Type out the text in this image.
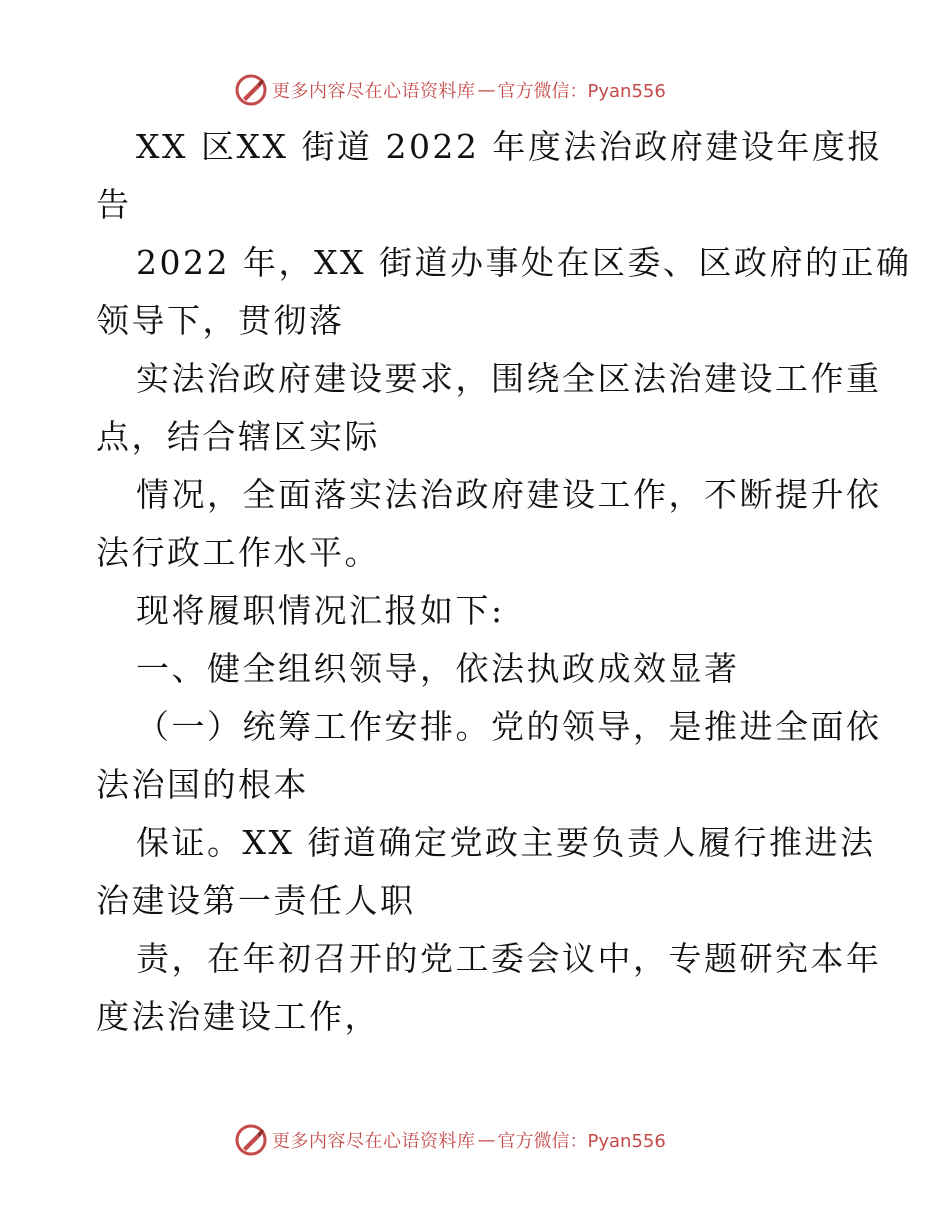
更多内容尽在心语资料库 — 官方微信：Pyan556
XX 区XX 街道 2022 年度法治政府建设年度报
告
2022 年，XX 街道办事处在区委、区政府的正确
领导下，贯彻落
实法治政府建设要求，围绕全区法治建设工作重
点，结合辖区实际
情况，全面落实法治政府建设工作，不断提升依
法行政工作水平。
现将履职情况汇报如下:
一、健全组织领导，依法执政成效显著
（一）统筹工作安排。党的领导，是推进全面依
法治国的根本
保证。XX 街道确定党政主要负责人履行推进法
治建设第一责任人职
责，在年初召开的党工委会议中，专题研究本年
度法治建设工作，
更多内容尽在心语资料库 — 官方微信：Pyan556
